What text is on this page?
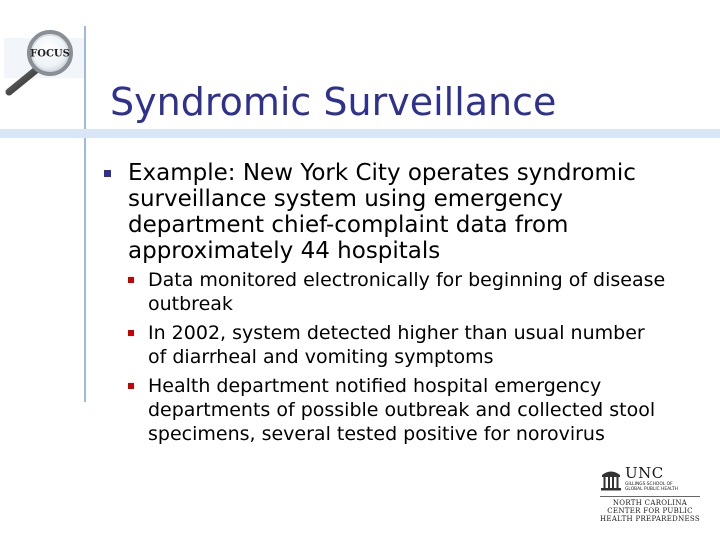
FOCUS
Syndromic Surveillance
Example: New York City operates syndromic surveillance system using emergency department chief-complaint data from approximately 44 hospitals
Data monitored electronically for beginning of disease outbreak
In 2002, system detected higher than usual number of diarrheal and vomiting symptoms
Health department notified hospital emergency departments of possible outbreak and collected stool specimens, several tested positive for norovirus
UNC
GILLINGS SCHOOL OF
GLOBAL PUBLIC HEALTH
NORTH CAROLINA
CENTER FOR PUBLIC
HEALTH PREPAREDNESS
